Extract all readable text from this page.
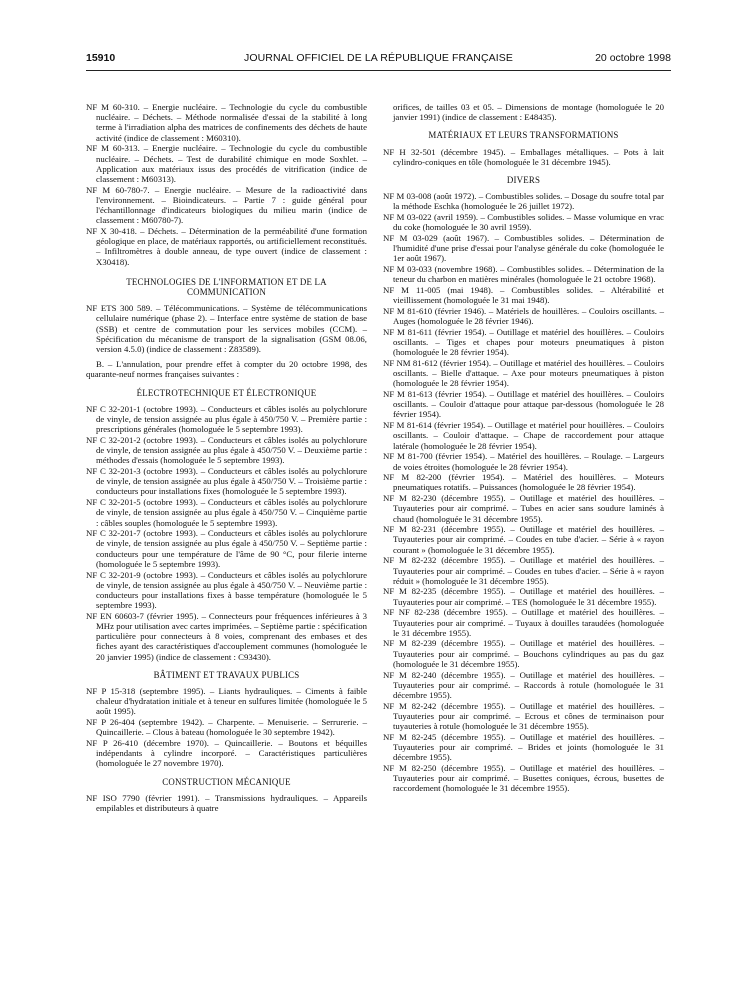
15910	JOURNAL OFFICIEL DE LA RÉPUBLIQUE FRANÇAISE	20 octobre 1998
NF M 60-310. – Energie nucléaire. – Technologie du cycle du combustible nucléaire. – Déchets. – Méthode normalisée d'essai de la stabilité à long terme à l'irradiation alpha des matrices de confinements des déchets de haute activité (indice de classement : M60310).
NF M 60-313. – Energie nucléaire. – Technologie du cycle du combustible nucléaire. – Déchets. – Test de durabilité chimique en mode Soxhlet. – Application aux matériaux issus des procédés de vitrification (indice de classement : M60313).
NF M 60-780-7. – Energie nucléaire. – Mesure de la radioactivité dans l'environnement. – Bioindicateurs. – Partie 7 : guide général pour l'échantillonnage d'indicateurs biologiques du milieu marin (indice de classement : M60780-7).
NF X 30-418. – Déchets. – Détermination de la perméabilité d'une formation géologique en place, de matériaux rapportés, ou artificiellement reconstitués. – Infiltromètres à double anneau, de type ouvert (indice de classement : X30418).
TECHNOLOGIES DE L'INFORMATION ET DE LA COMMUNICATION
NF ETS 300 589. – Télécommunications. – Système de télécommunications cellulaire numérique (phase 2). – Interface entre système de station de base (SSB) et centre de commutation pour les services mobiles (CCM). – Spécification du mécanisme de transport de la signalisation (GSM 08.06, version 4.5.0) (indice de classement : Z83589).
B. – L'annulation, pour prendre effet à compter du 20 octobre 1998, des quarante-neuf normes françaises suivantes :
ÉLECTROTECHNIQUE ET ÉLECTRONIQUE
NF C 32-201-1 (octobre 1993). – Conducteurs et câbles isolés au polychlorure de vinyle, de tension assignée au plus égale à 450/750 V. – Première partie : prescriptions générales (homologuée le 5 septembre 1993).
NF C 32-201-2 (octobre 1993). – Conducteurs et câbles isolés au polychlorure de vinyle, de tension assignée au plus égale à 450/750 V. – Deuxième partie : méthodes d'essais (homologuée le 5 septembre 1993).
NF C 32-201-3 (octobre 1993). – Conducteurs et câbles isolés au polychlorure de vinyle, de tension assignée au plus égale à 450/750 V. – Troisième partie : conducteurs pour installations fixes (homologuée le 5 septembre 1993).
NF C 32-201-5 (octobre 1993). – Conducteurs et câbles isolés au polychlorure de vinyle, de tension assignée au plus égale à 450/750 V. – Cinquième partie : câbles souples (homologuée le 5 septembre 1993).
NF C 32-201-7 (octobre 1993). – Conducteurs et câbles isolés au polychlorure de vinyle, de tension assignée au plus égale à 450/750 V. – Septième partie : conducteurs pour une température de l'âme de 90 °C, pour filerie interne (homologuée le 5 septembre 1993).
NF C 32-201-9 (octobre 1993). – Conducteurs et câbles isolés au polychlorure de vinyle, de tension assignée au plus égale à 450/750 V. – Neuvième partie : conducteurs pour installations fixes à basse température (homologuée le 5 septembre 1993).
NF EN 60603-7 (février 1995). – Connecteurs pour fréquences inférieures à 3 MHz pour utilisation avec cartes imprimées. – Septième partie : spécification particulière pour connecteurs à 8 voies, comprenant des embases et des fiches ayant des caractéristiques d'accouplement communes (homologuée le 20 janvier 1995) (indice de classement : C93430).
BÂTIMENT ET TRAVAUX PUBLICS
NF P 15-318 (septembre 1995). – Liants hydrauliques. – Ciments à faible chaleur d'hydratation initiale et à teneur en sulfures limitée (homologuée le 5 août 1995).
NF P 26-404 (septembre 1942). – Charpente. – Menuiserie. – Serrurerie. – Quincaillerie. – Clous à bateau (homologuée le 30 septembre 1942).
NF P 26-410 (décembre 1970). – Quincaillerie. – Boutons et béquilles indépendants à cylindre incorporé. – Caractéristiques particulières (homologuée le 27 novembre 1970).
CONSTRUCTION MÉCANIQUE
NF ISO 7790 (février 1991). – Transmissions hydrauliques. – Appareils empilables et distributeurs à quatre
orifices, de tailles 03 et 05. – Dimensions de montage (homologuée le 20 janvier 1991) (indice de classement : E48435).
MATÉRIAUX ET LEURS TRANSFORMATIONS
NF H 32-501 (décembre 1945). – Emballages métalliques. – Pots à lait cylindro-coniques en tôle (homologuée le 31 décembre 1945).
DIVERS
NF M 03-008 (août 1972). – Combustibles solides. – Dosage du soufre total par la méthode Eschka (homologuée le 26 juillet 1972).
NF M 03-022 (avril 1959). – Combustibles solides. – Masse volumique en vrac du coke (homologuée le 30 avril 1959).
NF M 03-029 (août 1967). – Combustibles solides. – Détermination de l'humidité d'une prise d'essai pour l'analyse générale du coke (homologuée le 1er août 1967).
NF M 03-033 (novembre 1968). – Combustibles solides. – Détermination de la teneur du charbon en matières minérales (homologuée le 21 octobre 1968).
NF M 11-005 (mai 1948). – Combustibles solides. – Altérabilité et vieillissement (homologuée le 31 mai 1948).
NF M 81-610 (février 1946). – Matériels de houillères. – Couloirs oscillants. – Auges (homologuée le 28 février 1946).
NF M 81-611 (février 1954). – Outillage et matériel des houillères. – Couloirs oscillants. – Tiges et chapes pour moteurs pneumatiques à piston (homologuée le 28 février 1954).
NF NM 81-612 (février 1954). – Outillage et matériel des houillères. – Couloirs oscillants. – Bielle d'attaque. – Axe pour moteurs pneumatiques à piston (homologuée le 28 février 1954).
NF M 81-613 (février 1954). – Outillage et matériel des houillères. – Couloirs oscillants. – Couloir d'attaque pour attaque par-dessous (homologuée le 28 février 1954).
NF M 81-614 (février 1954). – Outillage et matériel pour houillères. – Couloirs oscillants. – Couloir d'attaque. – Chape de raccordement pour attaque latérale (homologuée le 28 février 1954).
NF M 81-700 (février 1954). – Matériel des houillères. – Roulage. – Largeurs de voies étroites (homologuée le 28 février 1954).
NF M 82-200 (février 1954). – Matériel des houillères. – Moteurs pneumatiques rotatifs. – Puissances (homologuée le 28 février 1954).
NF M 82-230 (décembre 1955). – Outillage et matériel des houillères. – Tuyauteries pour air comprimé. – Tubes en acier sans soudure laminés à chaud (homologuée le 31 décembre 1955).
NF M 82-231 (décembre 1955). – Outillage et matériel des houillères. – Tuyauteries pour air comprimé. – Coudes en tube d'acier. – Série à « rayon courant » (homologuée le 31 décembre 1955).
NF M 82-232 (décembre 1955). – Outillage et matériel des houillères. – Tuyauteries pour air comprimé. – Coudes en tubes d'acier. – Série à « rayon réduit » (homologuée le 31 décembre 1955).
NF M 82-235 (décembre 1955). – Outillage et matériel des houillères. – Tuyauteries pour air comprimé. – TES (homologuée le 31 décembre 1955).
NF NF 82-238 (décembre 1955). – Outillage et matériel des houillères. – Tuyauteries pour air comprimé. – Tuyaux à douilles taraudées (homologuée le 31 décembre 1955).
NF M 82-239 (décembre 1955). – Outillage et matériel des houillères. – Tuyauteries pour air comprimé. – Bouchons cylindriques au pas du gaz (homologuée le 31 décembre 1955).
NF M 82-240 (décembre 1955). – Outillage et matériel des houillères. – Tuyauteries pour air comprimé. – Raccords à rotule (homologuée le 31 décembre 1955).
NF M 82-242 (décembre 1955). – Outillage et matériel des houillères. – Tuyauteries pour air comprimé. – Ecrous et cônes de terminaison pour tuyauteries à rotule (homologuée le 31 décembre 1955).
NF M 82-245 (décembre 1955). – Outillage et matériel des houillères. – Tuyauteries pour air comprimé. – Brides et joints (homologuée le 31 décembre 1955).
NF M 82-250 (décembre 1955). – Outillage et matériel des houillères. – Tuyauteries pour air comprimé. – Busettes coniques, écrous, busettes de raccordement (homologuée le 31 décembre 1955).
